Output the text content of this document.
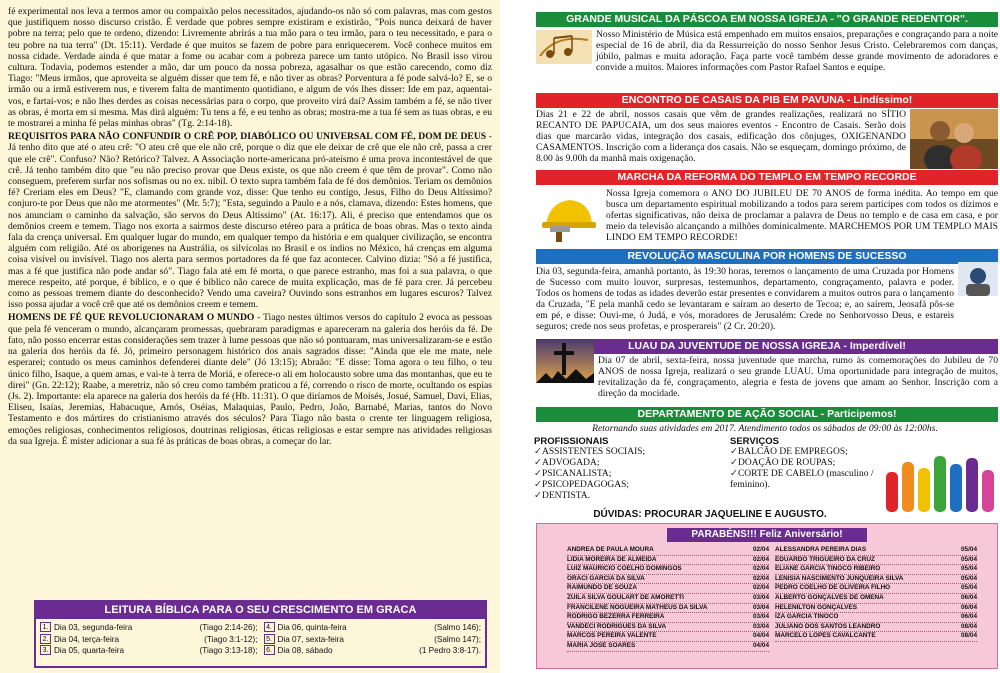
fé experimental nos leva a termos amor ou compaixão pelos necessitados, ajudando-os não só com palavras, mas com gestos que justifiquem nosso discurso cristão. É verdade que pobres sempre existiram e existirão, "Pois nunca deixará de haver pobre na terra; pelo que te ordeno, dizendo: Livremente abrirás a tua mão para o teu irmão, para o teu necessitado, e para o teu pobre na tua terra" (Dt. 15:11). Verdade é que muitos se fazem de pobre para enriquecerem. Você conhece muitos em nossa cidade. Verdade ainda é que matar a fome ou acabar com a pobreza parece um tanto utópico. No Brasil isso virou cultura. Todavia, podemos estender a mão, dar um pouco da nossa pobreza, agasalhar os que estão carecendo, como diz Tiago: "Meus irmãos, que aproveita se alguém disser que tem fé, e não tiver as obras? Porventura a fé pode salvá-lo? E, se o irmão ou a irmã estiverem nus, e tiverem falta de mantimento quotidiano, e algum de vós lhes disser: Ide em paz, aquentai-vos, e fartai-vos; e não lhes derdes as coisas necessárias para o corpo, que proveito virá daí? Assim também a fé, se não tiver as obras, é morta em si mesma. Mas dirá alguém: Tu tens a fé, e eu tenho as obras; mostra-me a tua fé sem as tuas obras, e eu te mostrarei a minha fé pelas minhas obras" (Tg. 2:14-18).

REQUISITOS PARA NÃO CONFUNDIR O CRÊ POP, DIABÓLICO OU UNIVERSAL COM FÉ, DOM DE DEUS - Já tenho dito que até o ateu crê: "O ateu crê que ele não crê, porque o diz que ele deixar de crê que ele não crê, passa a crer que ele crê". Confuso? Não? Retórico? Talvez. A Associação norte-americana pró-ateísmo é uma prova incontestável de que crê. Já tenho também dito que "eu não preciso provar que Deus existe, os que não creem é que têm de provar". Como não conseguem, preferem surfar nos sofismas ou no ex. nibil. O texto supra também fala de fé dos demônios. Teriam os demônios fé? Creriam eles em Deus? "E, clamando com grande voz, disse: Que tenho eu contigo, Jesus, Filho do Deus Altíssimo? conjuro-te por Deus que não me atormentes" (Mr. 5:7); "Esta, seguindo a Paulo e a nós, clamava, dizendo: Estes homens, que nos anunciam o caminho da salvação, são servos do Deus Altíssimo" (At. 16:17). Ali, é preciso que entendamos que os demônios creem e temem. Tiago nos exorta a sairmos deste discurso etéreo para a prática de boas obras. Mas o texto ainda fala da crença universal. Em qualquer lugar do mundo, em qualquer tempo da história e em qualquer civilização, se encontra alguém com religião. Até os aborígenes na Austrália, os silvícolas no Brasil e os índios no México, há crenças em alguma coisa visível ou invisível. Tiago nos alerta para sermos portadores da fé que faz acontecer. Calvino dizia: "Só a fé justifica, mas a fé que justifica não pode andar só". Tiago fala até em fé morta, o que parece estranho, mas foi a sua palavra, o que merece respeito, até porque, é bíblico, e o que é bíblico não carece de muita explicação, mas de fé para crer. Já percebeu como as pessoas tremem diante do desconhecido? Vendo uma caveira? Ouvindo sons estranhos em lugares escuros? Talvez isso possa ajudar a você crê que até os demônios creem e temem.

HOMENS DE FÉ QUE REVOLUCIONARAM O MUNDO - Tiago nestes últimos versos do capítulo 2 evoca as pessoas que pela fé venceram o mundo, alcançaram promessas, quebraram paradigmas e apareceram na galeria dos heróis da fé. De fato, não posso encerrar estas considerações sem trazer à lume pessoas que não só pontuaram, mas universalizaram-se e estão na galeria dos heróis da fé. Jó, primeiro personagem histórico dos anais sagrados disse: "Ainda que ele me mate, nele esperarei; contudo os meus caminhos defenderei diante dele" (Jó 13:15); Abraão: "E disse: Toma agora o teu filho, o teu único filho, Isaque, a quem amas, e vai-te à terra de Moriá, e oferece-o ali em holocausto sobre uma das montanhas, que eu te direi" (Gn. 22:12); Raabe, a meretriz, não só creu como também praticou a fé, correndo o risco de morte, ocultando os espias (Js. 2). Importante: ela aparece na galeria dos heróis da fé (Hb. 11:31). O que diríamos de Moisés, Josué, Samuel, Davi, Elias, Eliseu, Isaías, Jeremias, Habacuque, Amós, Oséias, Malaquias, Paulo, Pedro, João, Barnabé, Marias, tantos do Novo Testamento e dos mártires do cristianismo através dos séculos? Para Tiago não basta o crente ter linguagem religiosa, emoções religiosas, conhecimentos religiosos, doutrinas religiosas, éticas religiosas e estar sempre nas atividades religiosas da sua Igreja. É mister adicionar a sua fé às práticas de boas obras, a começar do lar.

LEITURA BÍBLICA PARA O SEU CRESCIMENTO EM GRACA
1. Dia 03, segunda-feira	(Tiago 2:14-26);
2. Dia 04, terça-feira	(Tiago 3:1-12);
3. Dia 05, quarta-feira	(Tiago 3:13-18);
4. Dia 06, quinta-feira	(Salmo 146);
5. Dia 07, sexta-feira	(Salmo 147);
6. Dia 08, sábado	(1 Pedro 3:8-17).
GRANDE MUSICAL DA PÁSCOA EM NOSSA IGREJA - "O GRANDE REDENTOR".
Nosso Ministério de Música está empenhado em muitos ensaios, preparações e congraçando para a noite especial de 16 de abril, dia da Ressurreição do nosso Senhor Jesus Cristo. Celebraremos com danças, júbilo, palmas e muita adoração. Faça parte você também desse grande movimento de adoradores e convide a muitos. Maiores informações com Pastor Rafael Santos e equipe.
ENCONTRO DE CASAIS DA PIB EM PAVUNA - Lindíssimo!
Dias 21 e 22 de abril, nossos casais que vêm de grandes realizações, realizará no SÍTIO RECANTO DE PAPUCAIA, um dos seus maiores eventos - Encontro de Casais. Serão dois dias que marcarão vidas, integração dos casais, edificação dos cônjuges, OXIGENANDO CASAMENTOS. Inscrição com a liderança dos casais. Não se esqueçam, domingo próximo, de 8.00 às 9.00h da manhã mais oxigenação.
MARCHA DA REFORMA DO TEMPLO EM TEMPO RECORDE
Nossa Igreja comemora o ANO DO JUBILEU DE 70 ANOS de forma inédita. Ao tempo em que busca um departamento espiritual mobilizando a todos para serem partícipes com todos os dízimos e ofertas significativas, não deixa de proclamar a palavra de Deus no templo e de casa em casa, e por meio da televisão alcançando a milhões dominicalmente. MARCHEMOS POR UM TEMPLO MAIS LINDO EM TEMPO RECORDE!
REVOLUÇÃO MASCULINA POR HOMENS DE SUCESSO
Dia 03, segunda-feira, amanhã portanto, às 19:30 horas, teremos o lançamento de uma Cruzada por Homens de Sucesso com muito louvor, surpresas, testemunhos, departamento, congraçamento, palavra e poder. Todos os homens de todas as idades deverão estar presentes e convidarem a muitos outros para o lançamento da Cruzada, "E pela manhã cedo se levantaram e saíram ao deserto de Tecoa; e, ao saírem, Jeosafá pôs-se em pé, e disse: Ouvi-me, ó Judá, e vós, moradores de Jerusalém: Crede no Senhorvosso Deus, e estareis seguros; crede nos seus profetas, e prosperareis" (2 Cr. 20:20).
LUAU DA JUVENTUDE DE NOSSA IGREJA - Imperdível!
Dia 07 de abril, sexta-feira, nossa juventude que marcha, rumo às comemorações do Jubileu de 70 ANOS de nossa Igreja, realizará o seu grande LUAU. Uma oportunidade para integração de muitos, revitalização da fé, congraçamento, alegria e festa de jovens que amam ao Senhor. Inscrição com a direção da mocidade.
DEPARTAMENTO DE AÇÃO SOCIAL - Participemos!
Retornando suas atividades em 2017. Atendimento todos os sábados de 09:00 às 12:00hs.
PROFISSIONAIS
✓ ASSISTENTES SOCIAIS;
✓ ADVOGADA;
✓ PSICANALISTA;
✓ PSICOPEDAGOGAS;
✓ DENTISTA.
SERVIÇOS
✓ BALCÃO DE EMPREGOS;
✓ DOAÇÃO DE ROUPAS;
✓ CORTE DE CABELO (masculino / feminino).
DÚVIDAS: PROCURAR JAQUELINE E AUGUSTO.
PARABÉNS!!! Feliz Aniversário!
ANDREA DE PAULA MOURA	02/04
LIDIA MOREIRA DE ALMEIDA	02/04
LUIZ MAURICIO COELHO DOMINGOS	02/04
ORACI GARCIA DA SILVA	02/04
RAIMUNDO DE SOUZA	02/04
ZUILA SILVA GOULART DE AMORETTI	03/04
FRANCILENE NOGUEIRA MATHEUS DA SILVA	03/04
RODRIGO BEZERRA FERREIRA	03/04
VANDECI RODRIGUES DA SILVA	03/04
MARCOS PEREIRA VALENTE	04/04
MARIA JOSE SOARES	04/04
ALESSANDRA PEREIRA DIAS	05/04
EDUARDO TRIGUEIRO DA CRUZ	05/04
ELIANE GARCIA TINOCO RIBEIRO	05/04
LENISIA NASCIMENTO JUNQUEIRA SILVA	05/04
PEDRO COELHO DE OLIVEIRA FILHO	05/04
ALBERTO GONÇALVES DE OMENA	06/04
HELENILTON GONÇALVES	06/04
IZA GARCIA TINOCO	06/04
JULIANO DOS SANTOS LEANDRO	08/04
MARCELO LOPES CAVALCANTE	08/04
